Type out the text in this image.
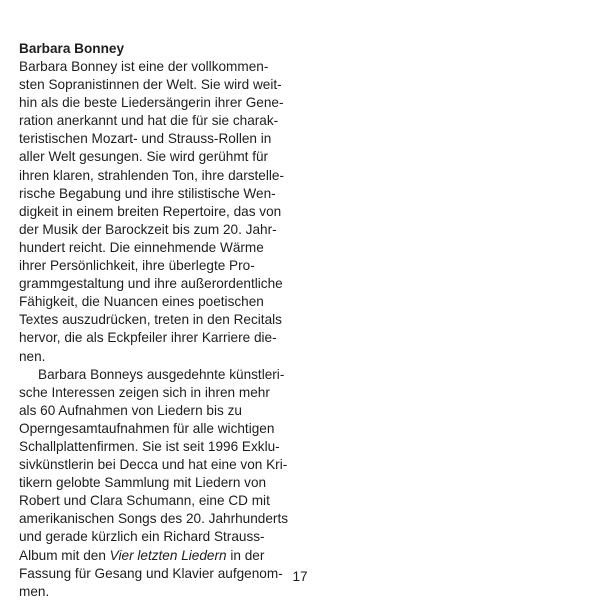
Barbara Bonney
Barbara Bonney ist eine der vollkommen-
sten Sopranistinnen der Welt. Sie wird weit-
hin als die beste Liedersängerin ihrer Gene-
ration anerkannt und hat die für sie charak-
teristischen Mozart- und Strauss-Rollen in
aller Welt gesungen. Sie wird gerühmt für
ihren klaren, strahlenden Ton, ihre darstelle-
rische Begabung und ihre stilistische Wen-
digkeit in einem breiten Repertoire, das von
der Musik der Barockzeit bis zum 20. Jahr-
hundert reicht. Die einnehmende Wärme
ihrer Persönlichkeit, ihre überlegte Pro-
grammgestaltung und ihre außerordentliche
Fähigkeit, die Nuancen eines poetischen
Textes auszudrücken, treten in den Recitals
hervor, die als Eckpfeiler ihrer Karriere die-
nen.
Barbara Bonneys ausgedehnte künstleri-
sche Interessen zeigen sich in ihren mehr
als 60 Aufnahmen von Liedern bis zu
Operngesamtaufnahmen für alle wichtigen
Schallplattenfirmen. Sie ist seit 1996 Exklu-
sivkünstlerin bei Decca und hat eine von Kri-
tikern gelobte Sammlung mit Liedern von
Robert und Clara Schumann, eine CD mit
amerikanischen Songs des 20. Jahrhunderts
und gerade kürzlich ein Richard Strauss-
Album mit den Vier letzten Liedern in der
Fassung für Gesang und Klavier aufgenom-
men.
17
